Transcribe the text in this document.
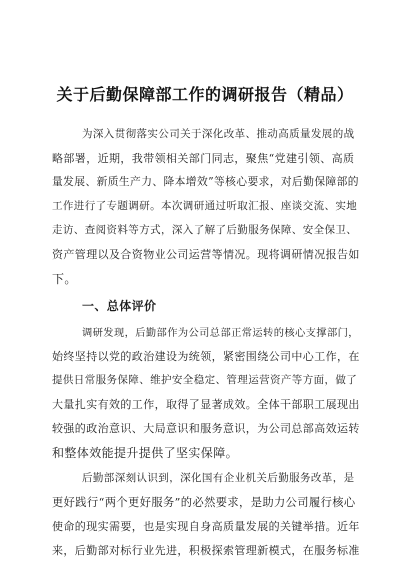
关于后勤保障部工作的调研报告（精品）
为深入贯彻落实公司关于深化改革、推动高质量发展的战
略部署，近期，我带领相关部门同志，聚焦“党建引领、高质
量发展、新质生产力、降本增效”等核心要求，对后勤保障部的
工作进行了专题调研。本次调研通过听取汇报、座谈交流、实地
走访、查阅资料等方式，深入了解了后勤服务保障、安全保卫、
资产管理以及合资物业公司运营等情况。现将调研情况报告如
下。
一、总体评价
调研发现，后勤部作为公司总部正常运转的核心支撑部门，
始终坚持以党的政治建设为统领，紧密围绕公司中心工作，在
提供日常服务保障、维护安全稳定、管理运营资产等方面，做了
大量扎实有效的工作，取得了显著成效。全体干部职工展现出
较强的政治意识、大局意识和服务意识，为公司总部高效运转
和整体效能提升提供了坚实保障。
后勤部深刻认识到，深化国有企业机关后勤服务改革，是
更好践行“两个更好服务”的必然要求，是助力公司履行核心
使命的现实需要，也是实现自身高质量发展的关键举措。近年
来，后勤部对标行业先进，积极探索管理新模式，在服务标准
